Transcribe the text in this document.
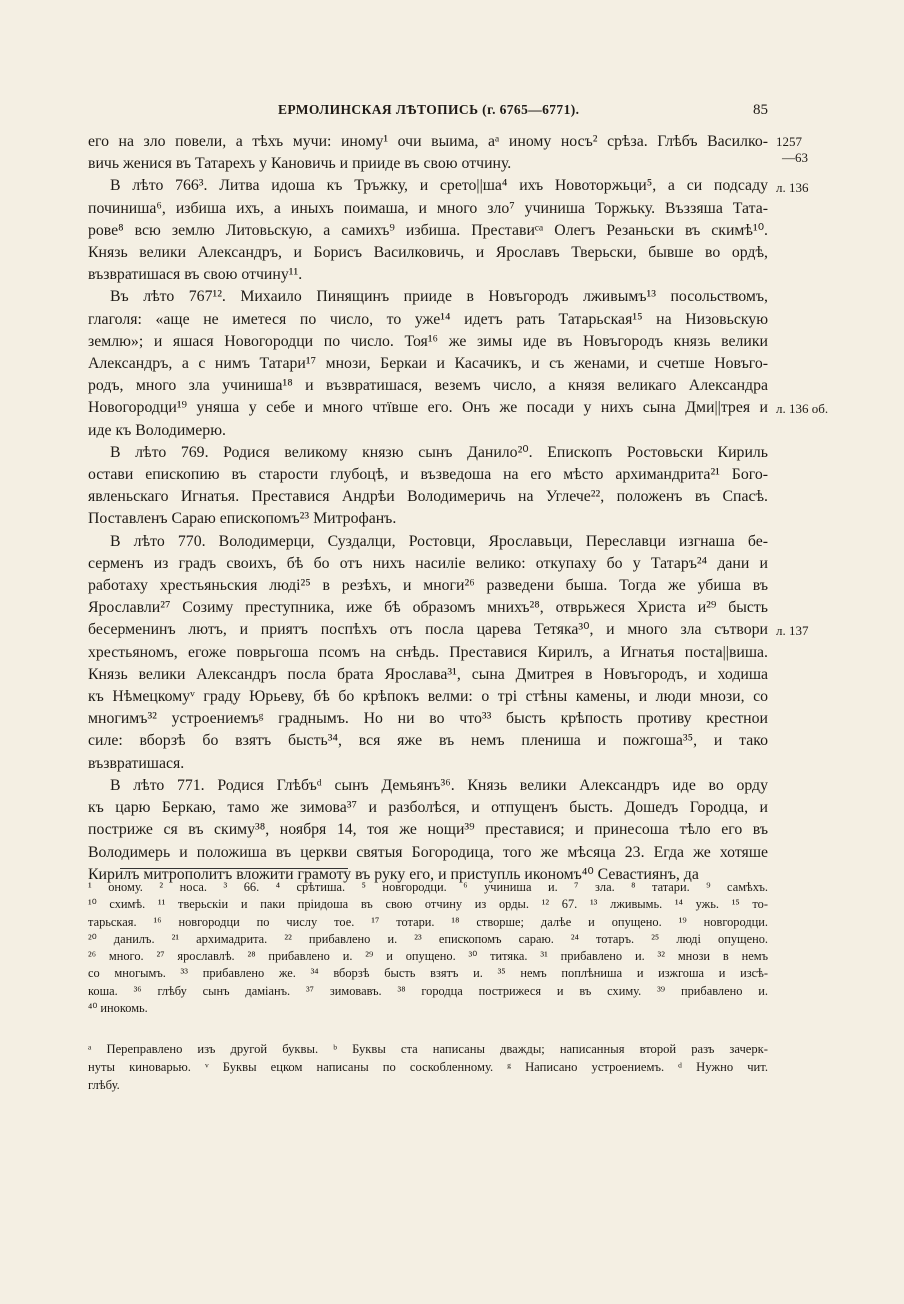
ЕРМОЛИНСКАЯ ЛѢТОПИСЬ (г. 6765—6771).	85
1257
—63
л. 136
л. 136 об.
л. 137
его на зло повели, а тѣхъ мучи: иному¹ очи выима, аᵃ иному носъ² срѣза. Глѣбъ Василко-
вичь женися въ Татарехъ у Кановичь и прииде въ свою отчину.
В лѣто 766³. Литва идоша къ Тръжку, и срето||ша⁴ ихъ Новоторжьци⁵, а си подсаду
починиша⁶, избиша ихъ, а иныхъ поимаша, и много зло⁷ учиниша Торжьку. Въззяша Тата-
рове⁸ всю землю Литовьскую, а самихъ⁹ избиша. Преставиᶜᵃ Олегъ Резаньски въ скимѣ¹⁰.
Князь велики Александръ, и Борисъ Василковичь, и Ярославъ Тверьски, бывше во ордѣ,
възвратишася въ свою отчину¹¹.
Въ лѣто 767¹². Михаило Пинящинъ прииде в Новъгородъ лживымъ¹³ посольствомъ,
глаголя: «аще не иметеся по число, то уже¹⁴ идетъ рать Татарьская¹⁵ на Низовьскую
землю»; и яшася Новогородци по число. Тоя¹⁶ же зимы иде въ Новъгородъ князь велики
Александръ, а с нимъ Татари¹⁷ мнози, Беркаи и Касачикъ, и съ женами, и счетше Новъго-
родъ, много зла учиниша¹⁸ и възвратишася, веземъ число, а князя великаго Александра
Новогородци¹⁹ уняша у себе и много чтївше его. Онъ же посади у нихъ сына Дми||трея и
иде къ Володимерю.
В лѣто 769. Родися великому князю сынъ Данило²⁰. Епископъ Ростовьски Кириль
остави епископию въ старости глубоцѣ, и възведоша на его мѣсто архимандрита²¹ Бого-
явленьскаго Игнатья. Преставися Андрѣи Володимеричь на Углече²², положенъ въ Спасѣ.
Поставленъ Сараю епископомъ²³ Митрофанъ.
В лѣто 770. Володимерци, Суздалци, Ростовци, Ярославьци, Переславци изгнаша бе-
серменъ из градъ своихъ, бѣ бо отъ нихъ насиліе велико: откупаху бо у Татаръ²⁴ дани и
работаху хрестьяньския люді²⁵ в резѣхъ, и многи²⁶ разведени быша. Тогда же убиша въ
Ярославли²⁷ Созиму преступника, иже бѣ образомъ мнихъ²⁸, отврьжеся Христа и²⁹ бысть
бесерменинъ лютъ, и приятъ поспѣхъ отъ посла царева Тетяка³⁰, и много зла сътвори
хрестьяномъ, егоже поврьгоша псомъ на снѣдь. Преставися Кирилъ, а Игнатья поста||виша.
Князь велики Александръ посла брата Ярослава³¹, сына Дмитрея в Новъгородъ, и ходиша
къ Нѣмецкомуᵛ граду Юрьеву, бѣ бо крѣпокъ велми: о трі стѣны камены, и люди мнози, со
многимъ³² устроениемъᵍ граднымъ. Но ни во что³³ бысть крѣпость противу крестнои
силе: вборзѣ бо взятъ бысть³⁴, вся яже въ немъ плениша и пожгоша³⁵, и тако
възвратишася.
В лѣто 771. Родися Глѣбъᵈ сынъ Демьянъ³⁶. Князь велики Александръ иде во орду
къ царю Беркаю, тамо же зимова³⁷ и разболѣся, и отпущенъ бысть. Дошедъ Городца, и
постриже ся въ скиму³⁸, ноября 14, тоя же нощи³⁹ преставися; и принесоша тѣло его въ
Володимерь и положиша въ церкви святыя Богородица, того же мѣсяца 23. Егда же хотяше
Кирилъ митрополитъ вложити грамоту въ руку его, и приступль икономъ⁴⁰ Севастиянъ, да
¹ оному. ² носа. ³ 66. ⁴ срѣтиша. ⁵ новгородци. ⁶ учиниша и. ⁷ зла. ⁸ татари. ⁹ самѣхъ.
¹⁰ схимѣ. ¹¹ тверьскіи и паки прiидоша въ свою отчину из орды. ¹² 67. ¹³ лживымь. ¹⁴ ужь. ¹⁵ то-
тарьская. ¹⁶ новгородци по числу тое. ¹⁷ тотари. ¹⁸ створше; далѣе и опущено. ¹⁹ новгородци.
²⁰ данилъ. ²¹ архимадрита. ²² прибавлено и. ²³ епископомъ сараю. ²⁴ тотаръ. ²⁵ люді опущено.
²⁶ много. ²⁷ ярославлѣ. ²⁸ прибавлено и. ²⁹ и опущено. ³⁰ титяка. ³¹ прибавлено и. ³² мнози в немъ
со многымъ. ³³ прибавлено же. ³⁴ вборзѣ бысть взятъ и. ³⁵ немъ поплѣниша и изжгоша и изсѣ-
коша. ³⁶ глѣбу сынъ даміанъ. ³⁷ зимовавъ. ³⁸ городца пострижеся и въ схиму. ³⁹ прибавлено и.
⁴⁰ инокомь.
ᵃ Переправлено изъ другой буквы. ᵇ Буквы ста написаны дважды; написанныя второй разъ зачерк-
нуты киноварью. ᵛ Буквы ецком написаны по соскобленному. ᵍ Написано устроениемъ. ᵈ Нужно чит.
глѣбу.
